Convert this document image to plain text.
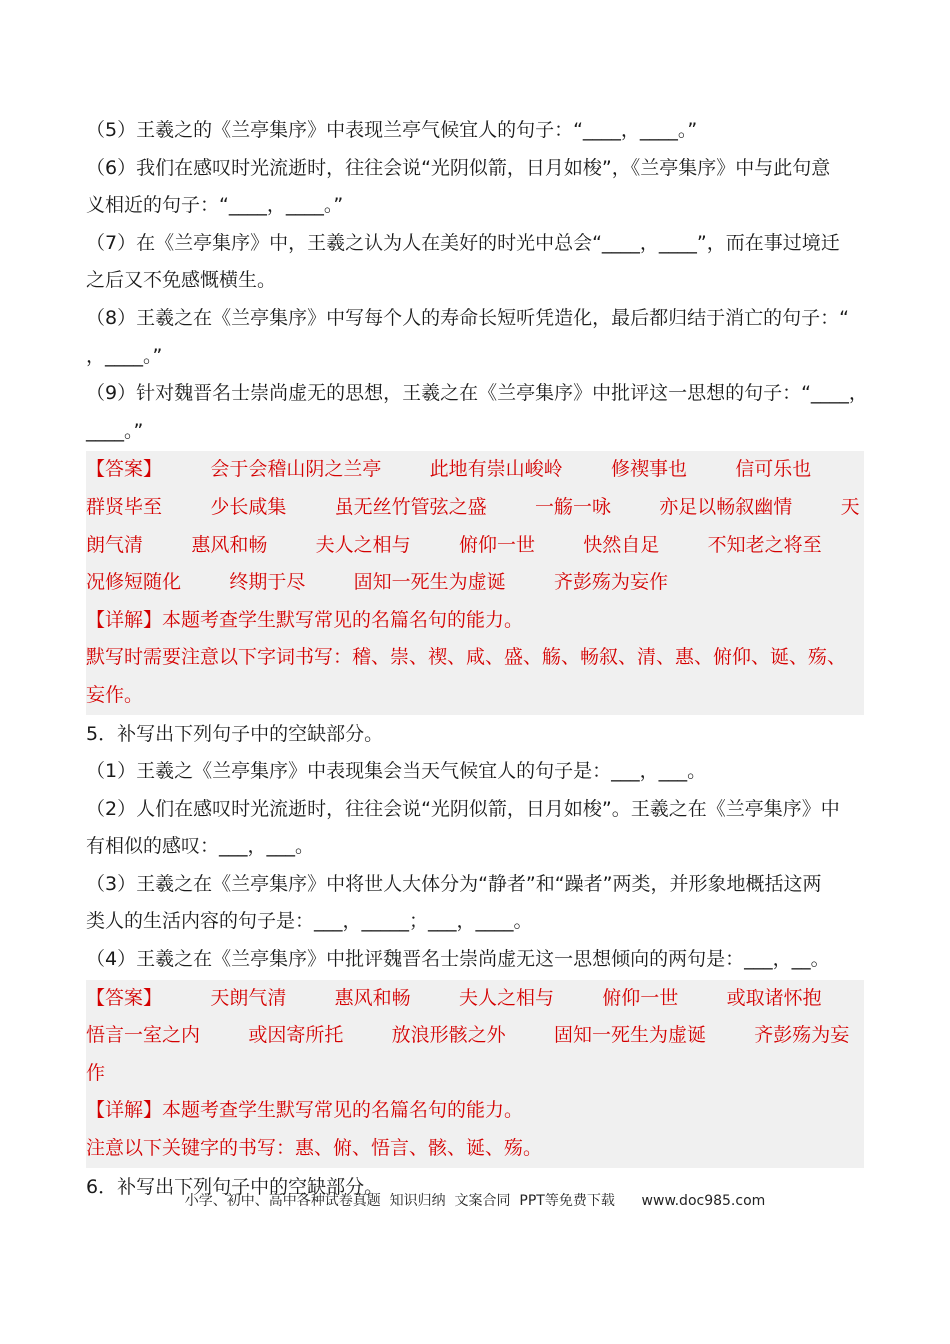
（5）王羲之的《兰亭集序》中表现兰亭气候宜人的句子：“____，____。”
（6）我们在感叹时光流逝时，往往会说“光阴似箭，日月如梭”，《兰亭集序》中与此句意
义相近的句子：“____，____。”
（7）在《兰亭集序》中，王羲之认为人在美好的时光中总会“____，____”，而在事过境迁
之后又不免感慨横生。
（8）王羲之在《兰亭集序》中写每个人的寿命长短听凭造化，最后都归结于消亡的句子：“
，____。”
（9）针对魏晋名士崇尚虚无的思想，王羲之在《兰亭集序》中批评这一思想的句子：“____，
____。”
【答案】        会于会稽山阴之兰亭        此地有崇山峻岭        修禊事也        信可乐也
群贤毕至        少长咸集        虽无丝竹管弦之盛        一觞一咏        亦足以畅叙幽情        天
朗气清        惠风和畅        夫人之相与        俯仰一世        快然自足        不知老之将至
况修短随化        终期于尽        固知一死生为虚诞        齐彭殇为妄作
【详解】本题考查学生默写常见的名篇名句的能力。
默写时需要注意以下字词书写：稽、崇、禊、咸、盛、觞、畅叙、清、惠、俯仰、诞、殇、
妄作。
5．补写出下列句子中的空缺部分。
（1）王羲之《兰亭集序》中表现集会当天气候宜人的句子是：___，___。
（2）人们在感叹时光流逝时，往往会说“光阴似箭，日月如梭”。王羲之在《兰亭集序》中
有相似的感叹：___，___。
（3）王羲之在《兰亭集序》中将世人大体分为“静者”和“躁者”两类，并形象地概括这两
类人的生活内容的句子是：___，_____；___，____。
（4）王羲之在《兰亭集序》中批评魏晋名士崇尚虚无这一思想倾向的两句是：___，__。
【答案】        天朗气清        惠风和畅        夫人之相与        俯仰一世        或取诸怀抱
悟言一室之内        或因寄所托        放浪形骸之外        固知一死生为虚诞        齐彭殇为妄
作
【详解】本题考查学生默写常见的名篇名句的能力。
注意以下关键字的书写：惠、俯、悟言、骸、诞、殇。
6．补写出下列句子中的空缺部分。
小学、初中、高中各种试卷真题  知识归纳  文案合同  PPT等免费下载      www.doc985.com
